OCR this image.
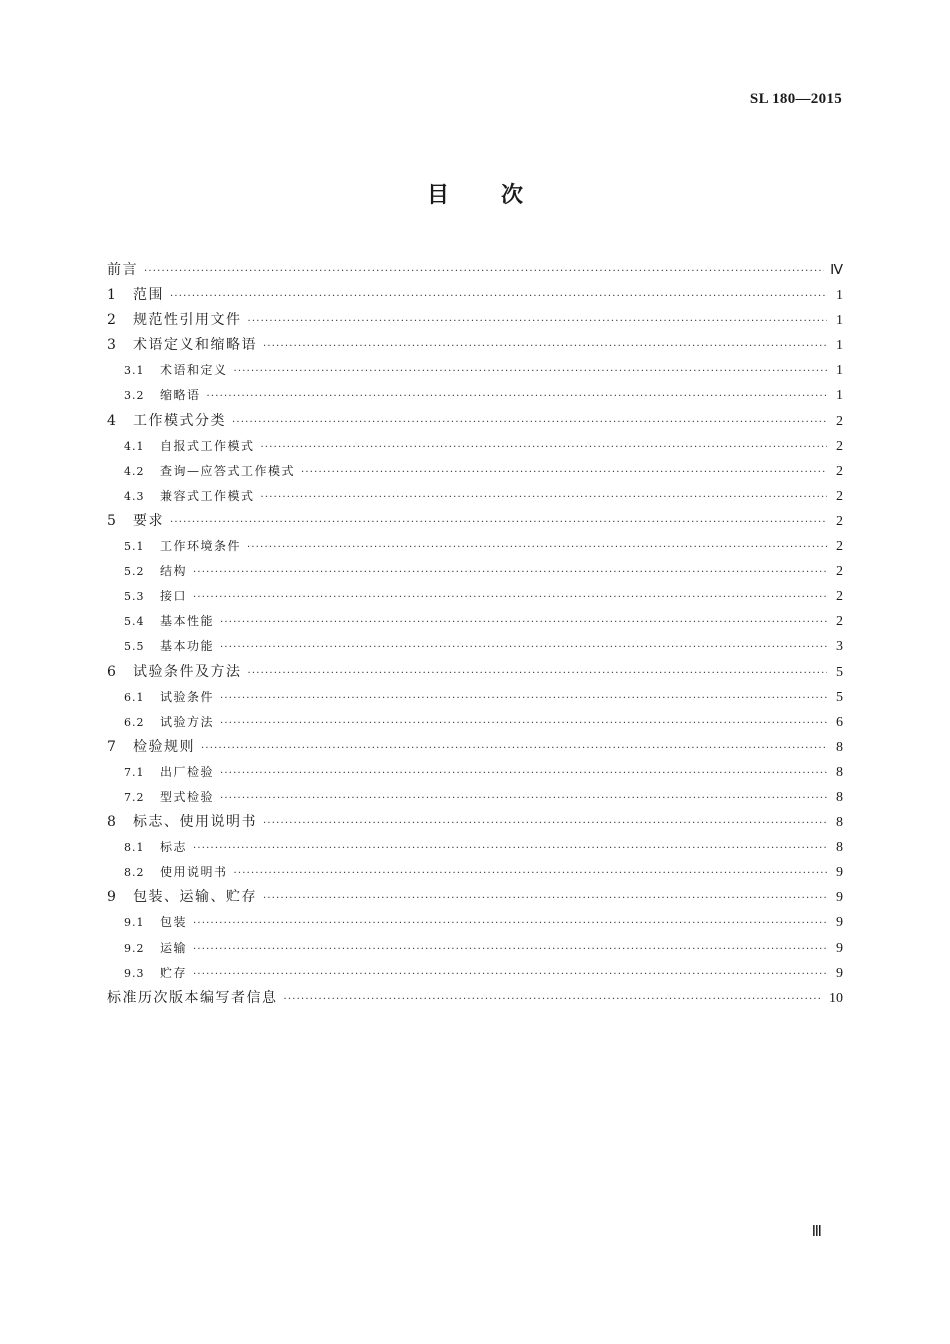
SL 180—2015
目次
前言 ·····	Ⅳ
1	范围 ·····	1
2	规范性引用文件 ·····	1
3	术语定义和缩略语 ·····	1
3.1	术语和定义 ·····	1
3.2	缩略语 ·····	1
4	工作模式分类 ·····	2
4.1	自报式工作模式 ·····	2
4.2	查询—应答式工作模式 ·····	2
4.3	兼容式工作模式 ·····	2
5	要求 ·····	2
5.1	工作环境条件 ·····	2
5.2	结构 ·····	2
5.3	接口 ·····	2
5.4	基本性能 ·····	2
5.5	基本功能 ·····	3
6	试验条件及方法 ·····	5
6.1	试验条件 ·····	5
6.2	试验方法 ·····	6
7	检验规则 ·····	8
7.1	出厂检验 ·····	8
7.2	型式检验 ·····	8
8	标志、使用说明书 ·····	8
8.1	标志 ·····	8
8.2	使用说明书 ·····	9
9	包装、运输、贮存 ·····	9
9.1	包装 ·····	9
9.2	运输 ·····	9
9.3	贮存 ·····	9
标准历次版本编写者信息 ·····	10
Ⅲ
